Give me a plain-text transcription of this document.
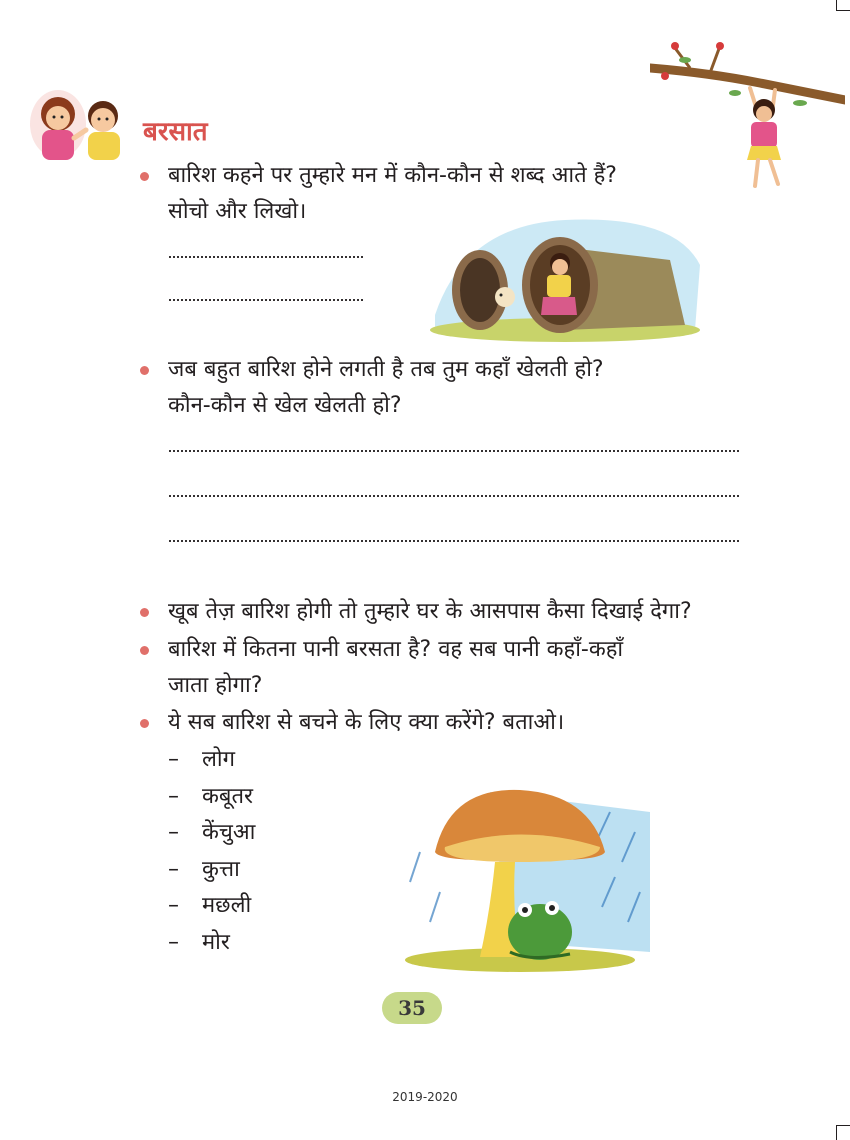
बरसात
बारिश कहने पर तुम्हारे मन में कौन-कौन से शब्द आते हैं?
सोचो और लिखो।
जब बहुत बारिश होने लगती है तब तुम कहाँ खेलती हो?
कौन-कौन से खेल खेलती हो?
खूब तेज़ बारिश होगी तो तुम्हारे घर के आसपास कैसा दिखाई देगा?
बारिश में कितना पानी बरसता है? वह सब पानी कहाँ-कहाँ
जाता होगा?
ये सब बारिश से बचने के लिए क्या करेंगे? बताओ।
– लोग
– कबूतर
– केंचुआ
– कुत्ता
– मछली
– मोर
35
2019-2020
